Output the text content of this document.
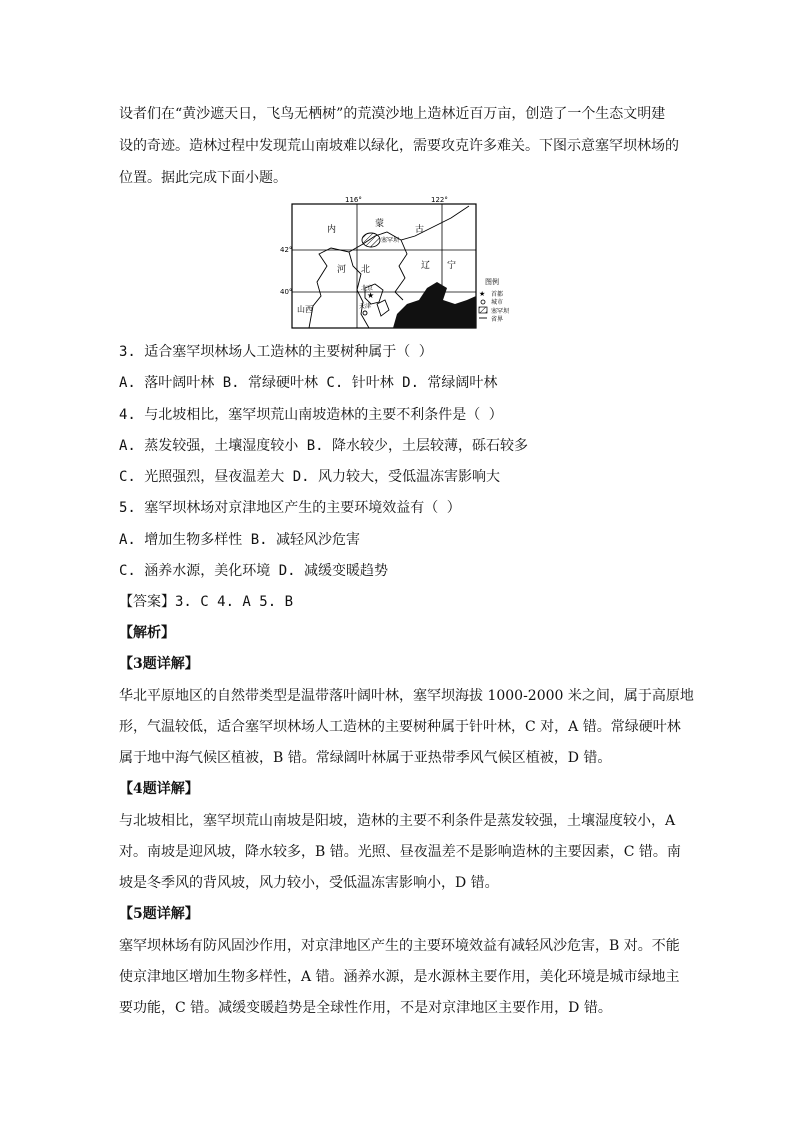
设者们在“黄沙遮天日，飞鸟无栖树”的荒漠沙地上造林近百万亩，创造了一个生态文明建
设的奇迹。造林过程中发现荒山南坡难以绿化，需要攻克许多难关。下图示意塞罕坝林场的
位置。据此完成下面小题。
★
116°	122°
42°
40°
内
蒙
古
塞罕坝
河 北	辽 宁
山西
北京
天津
图例
★ 首都
城市
塞罕坝
省界
3. 适合塞罕坝林场人工造林的主要树种属于（ ）
A. 落叶阔叶林 B. 常绿硬叶林 C. 针叶林 D. 常绿阔叶林
4. 与北坡相比，塞罕坝荒山南坡造林的主要不利条件是（ ）
A. 蒸发较强，土壤湿度较小 B. 降水较少，土层较薄，砾石较多
C. 光照强烈，昼夜温差大 D. 风力较大，受低温冻害影响大
5. 塞罕坝林场对京津地区产生的主要环境效益有（ ）
A. 增加生物多样性 B. 减轻风沙危害
C. 涵养水源，美化环境 D. 减缓变暖趋势
【答案】3. C 4. A 5. B
【解析】
【3题详解】
华北平原地区的自然带类型是温带落叶阔叶林，塞罕坝海拔 1000-2000 米之间，属于高原地
形，气温较低，适合塞罕坝林场人工造林的主要树种属于针叶林，C 对，A 错。常绿硬叶林
属于地中海气候区植被，B 错。常绿阔叶林属于亚热带季风气候区植被，D 错。
【4题详解】
与北坡相比，塞罕坝荒山南坡是阳坡，造林的主要不利条件是蒸发较强，土壤湿度较小，A
对。南坡是迎风坡，降水较多，B 错。光照、昼夜温差不是影响造林的主要因素，C 错。南
坡是冬季风的背风坡，风力较小，受低温冻害影响小，D 错。
【5题详解】
塞罕坝林场有防风固沙作用，对京津地区产生的主要环境效益有减轻风沙危害，B 对。不能
使京津地区增加生物多样性，A 错。涵养水源，是水源林主要作用，美化环境是城市绿地主
要功能，C 错。减缓变暖趋势是全球性作用，不是对京津地区主要作用，D 错。
